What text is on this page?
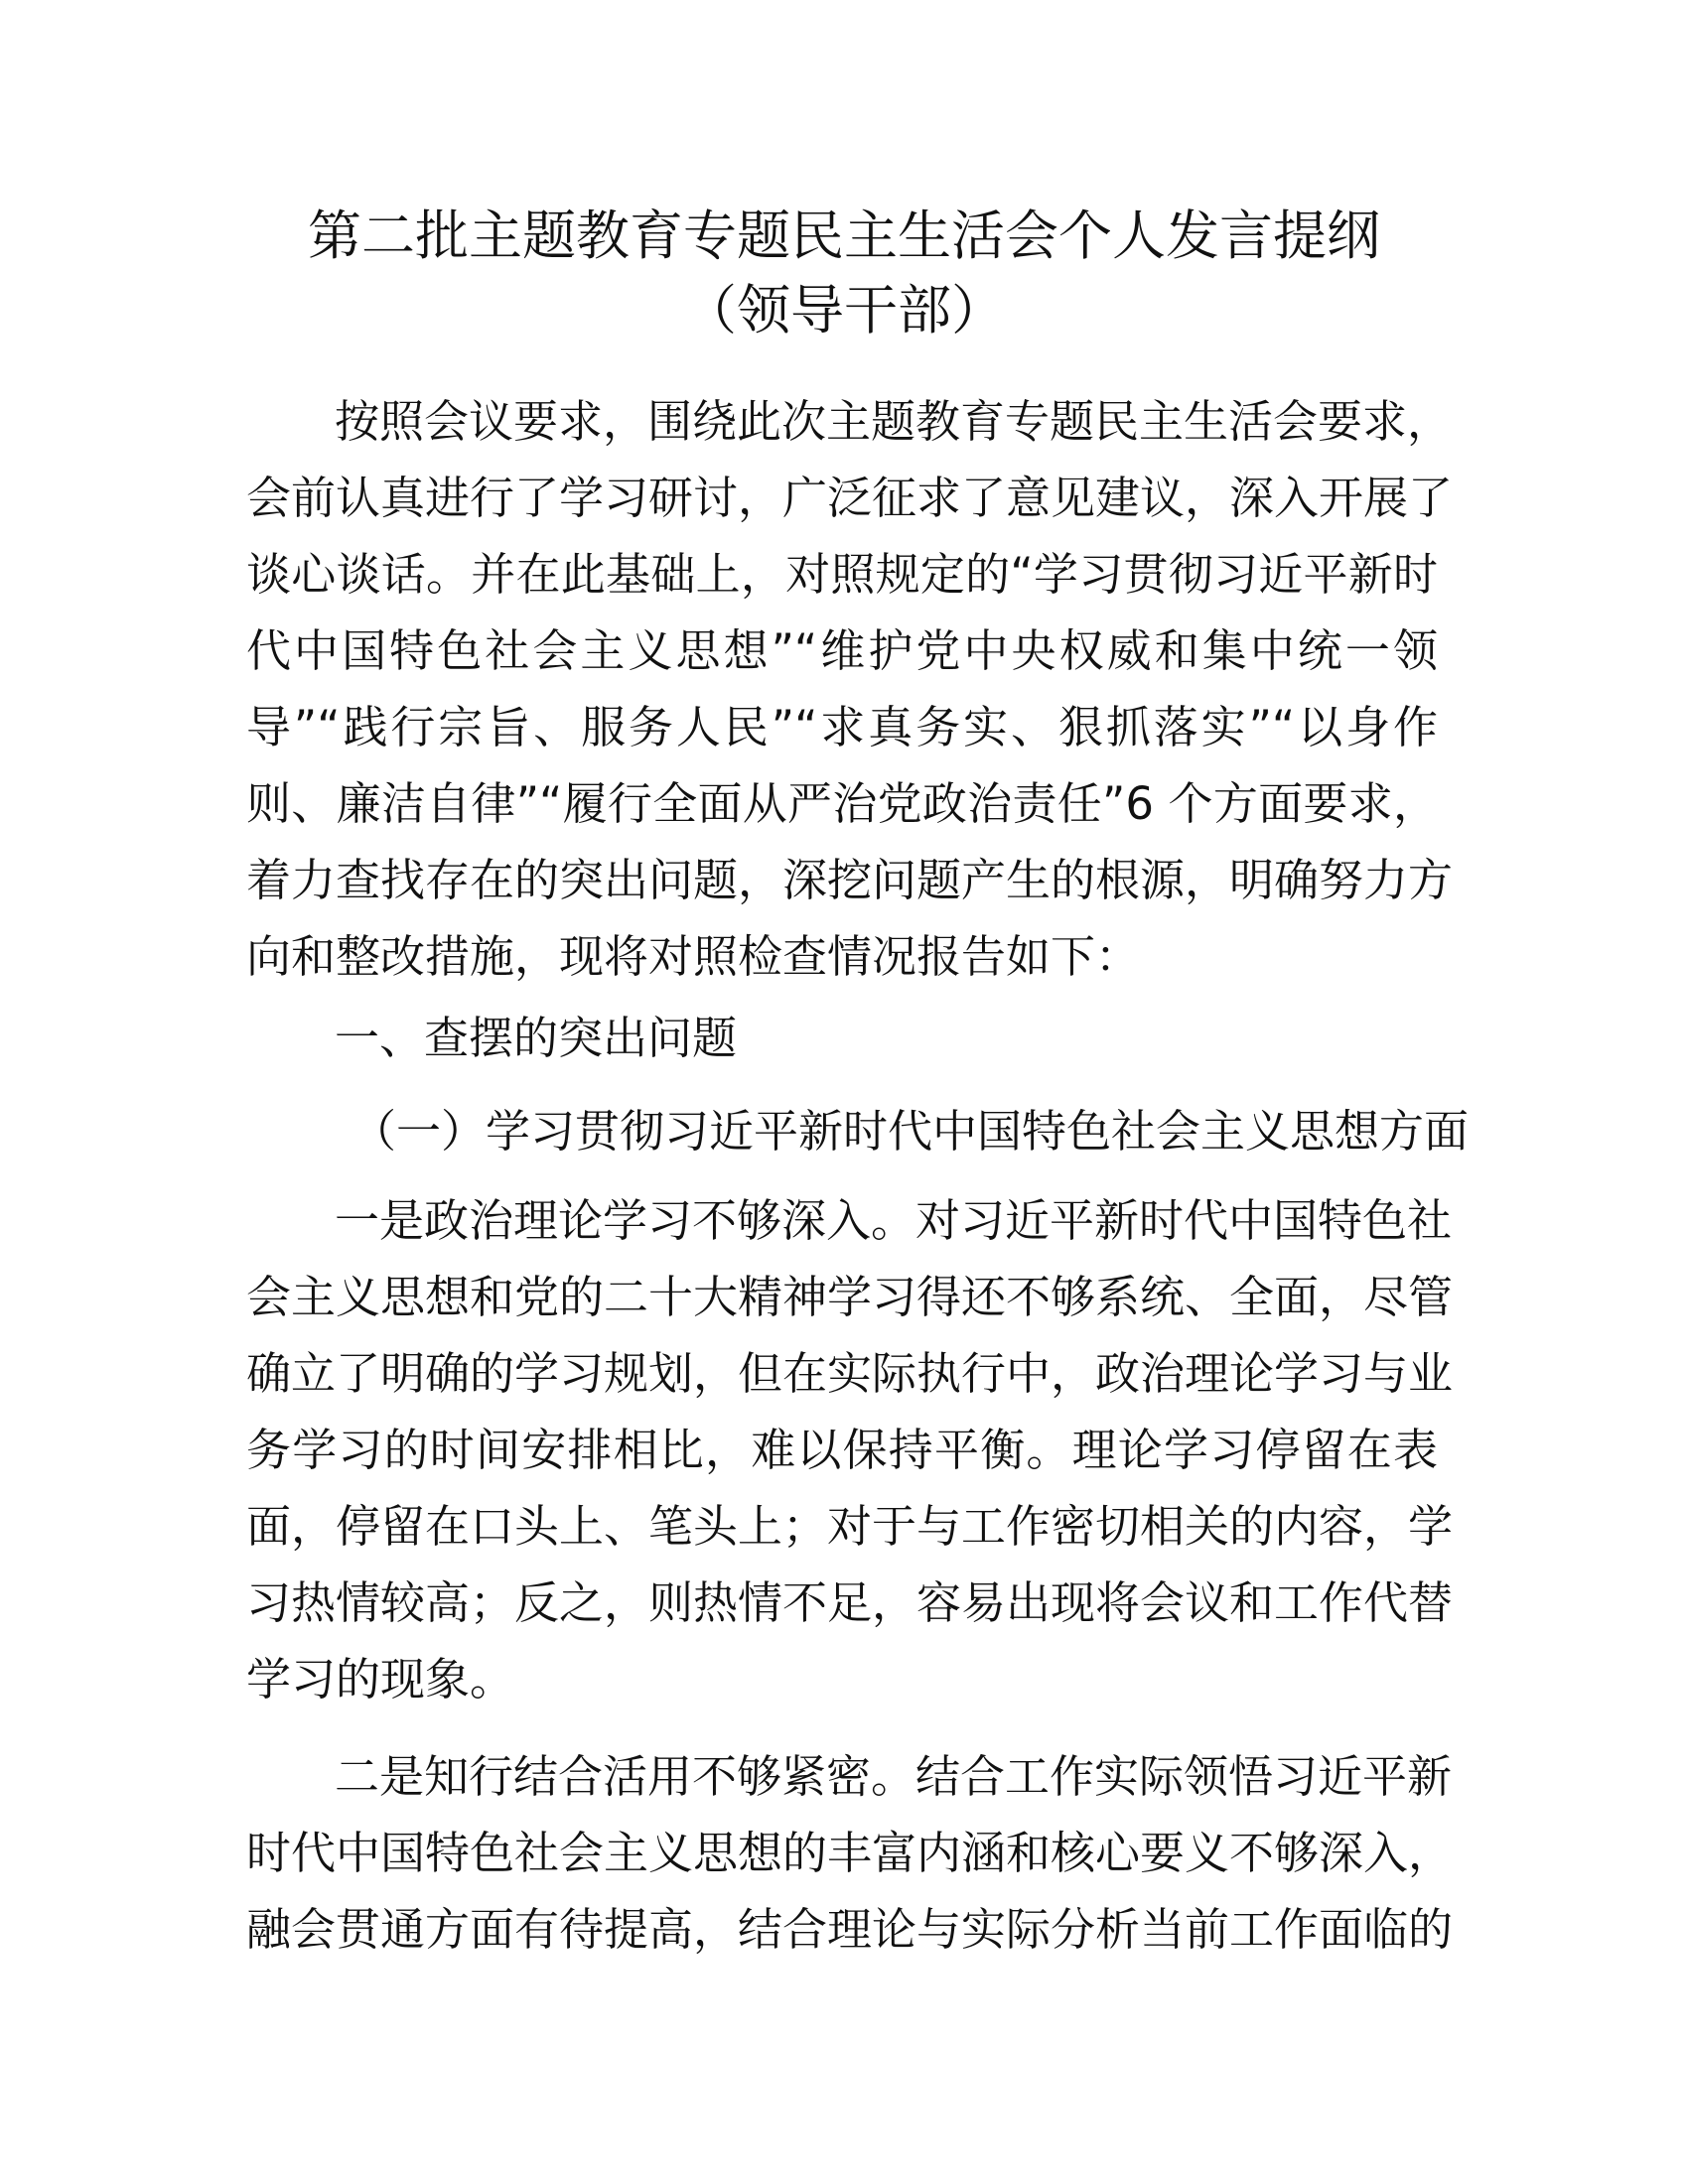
第二批主题教育专题民主生活会个人发言提纲
（领导干部）

按照会议要求，围绕此次主题教育专题民主生活会要求，

会前认真进行了学习研讨，广泛征求了意见建议，深入开展了

谈心谈话。并在此基础上，对照规定的“学习贯彻习近平新时

代中国特色社会主义思想”“维护党中央权威和集中统一领

导”“践行宗旨、服务人民”“求真务实、狠抓落实”“以身作

则、廉洁自律”“履行全面从严治党政治责任”6 个方面要求，

着力查找存在的突出问题，深挖问题产生的根源，明确努力方

向和整改措施，现将对照检查情况报告如下：

一、查摆的突出问题

（一）学习贯彻习近平新时代中国特色社会主义思想方面

一是政治理论学习不够深入。对习近平新时代中国特色社

会主义思想和党的二十大精神学习得还不够系统、全面，尽管

确立了明确的学习规划，但在实际执行中，政治理论学习与业

务学习的时间安排相比，难以保持平衡。理论学习停留在表

面，停留在口头上、笔头上；对于与工作密切相关的内容，学

习热情较高；反之，则热情不足，容易出现将会议和工作代替

学习的现象。

二是知行结合活用不够紧密。结合工作实际领悟习近平新

时代中国特色社会主义思想的丰富内涵和核心要义不够深入，

融会贯通方面有待提高，结合理论与实际分析当前工作面临的
